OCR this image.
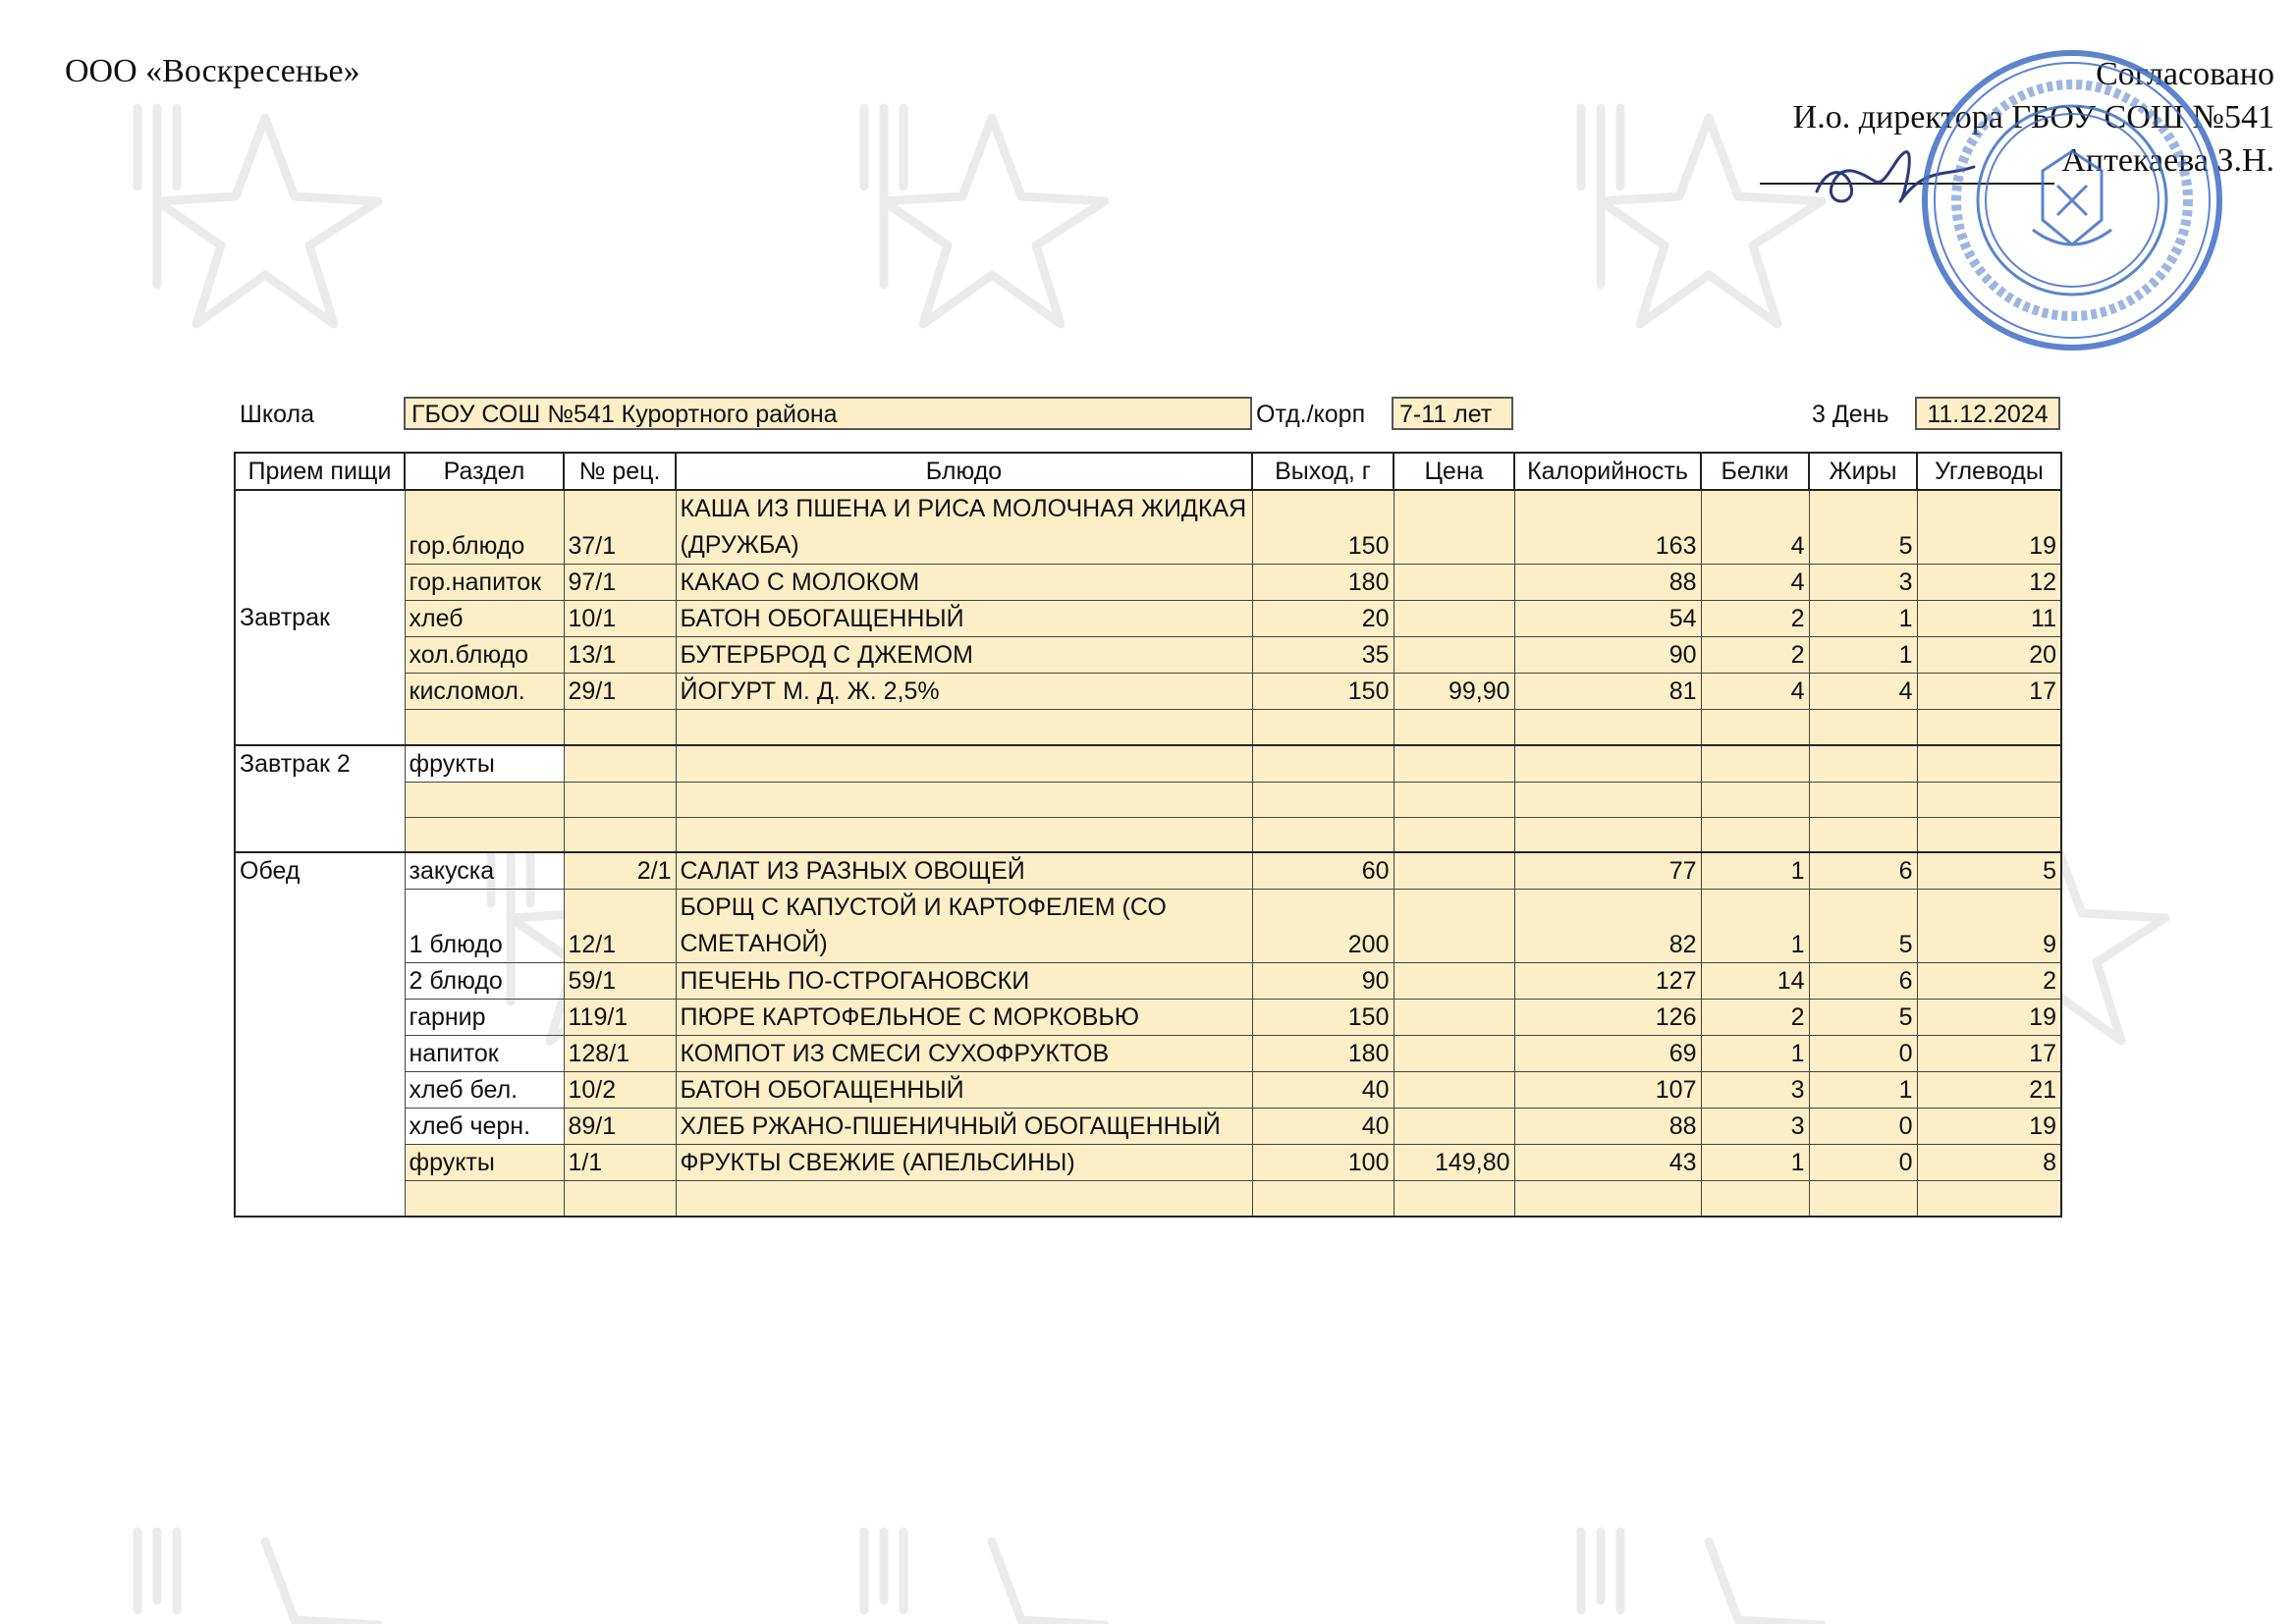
ООО «Воскресенье»	Согласовано
И.о. директора ГБОУ СОШ №541
Аптекаева З.Н.
Школа	ГБОУ СОШ №541 Курортного района	Отд./корп	7-11 лет	3 День	11.12.2024
Прием пищи	Раздел	№ рец.	Блюдо	Выход, г	Цена	Калорийность	Белки	Жиры	Углеводы
Завтрак	гор.блюдо	37/1	КАША ИЗ ПШЕНА И РИСА МОЛОЧНАЯ ЖИДКАЯ (ДРУЖБА)	150		163	4	5	19
	гор.напиток	97/1	КАКАО С МОЛОКОМ	180		88	4	3	12
	хлеб	10/1	БАТОН ОБОГАЩЕННЫЙ	20		54	2	1	11
	хол.блюдо	13/1	БУТЕРБРОД С ДЖЕМОМ	35		90	2	1	20
	кисломол.	29/1	ЙОГУРТ М. Д. Ж. 2,5%	150	99,90	81	4	4	17

Завтрак 2	фрукты								

Обед	закуска	2/1	САЛАТ ИЗ РАЗНЫХ ОВОЩЕЙ	60		77	1	6	5
	1 блюдо	12/1	БОРЩ С КАПУСТОЙ И КАРТОФЕЛЕМ (СО СМЕТАНОЙ)	200		82	1	5	9
	2 блюдо	59/1	ПЕЧЕНЬ ПО-СТРОГАНОВСКИ	90		127	14	6	2
	гарнир	119/1	ПЮРЕ КАРТОФЕЛЬНОЕ С МОРКОВЬЮ	150		126	2	5	19
	напиток	128/1	КОМПОТ ИЗ СМЕСИ СУХОФРУКТОВ	180		69	1	0	17
	хлеб бел.	10/2	БАТОН ОБОГАЩЕННЫЙ	40		107	3	1	21
	хлеб черн.	89/1	ХЛЕБ РЖАНО-ПШЕНИЧНЫЙ ОБОГАЩЕННЫЙ	40		88	3	0	19
	фрукты	1/1	ФРУКТЫ СВЕЖИЕ (АПЕЛЬСИНЫ)	100	149,80	43	1	0	8
